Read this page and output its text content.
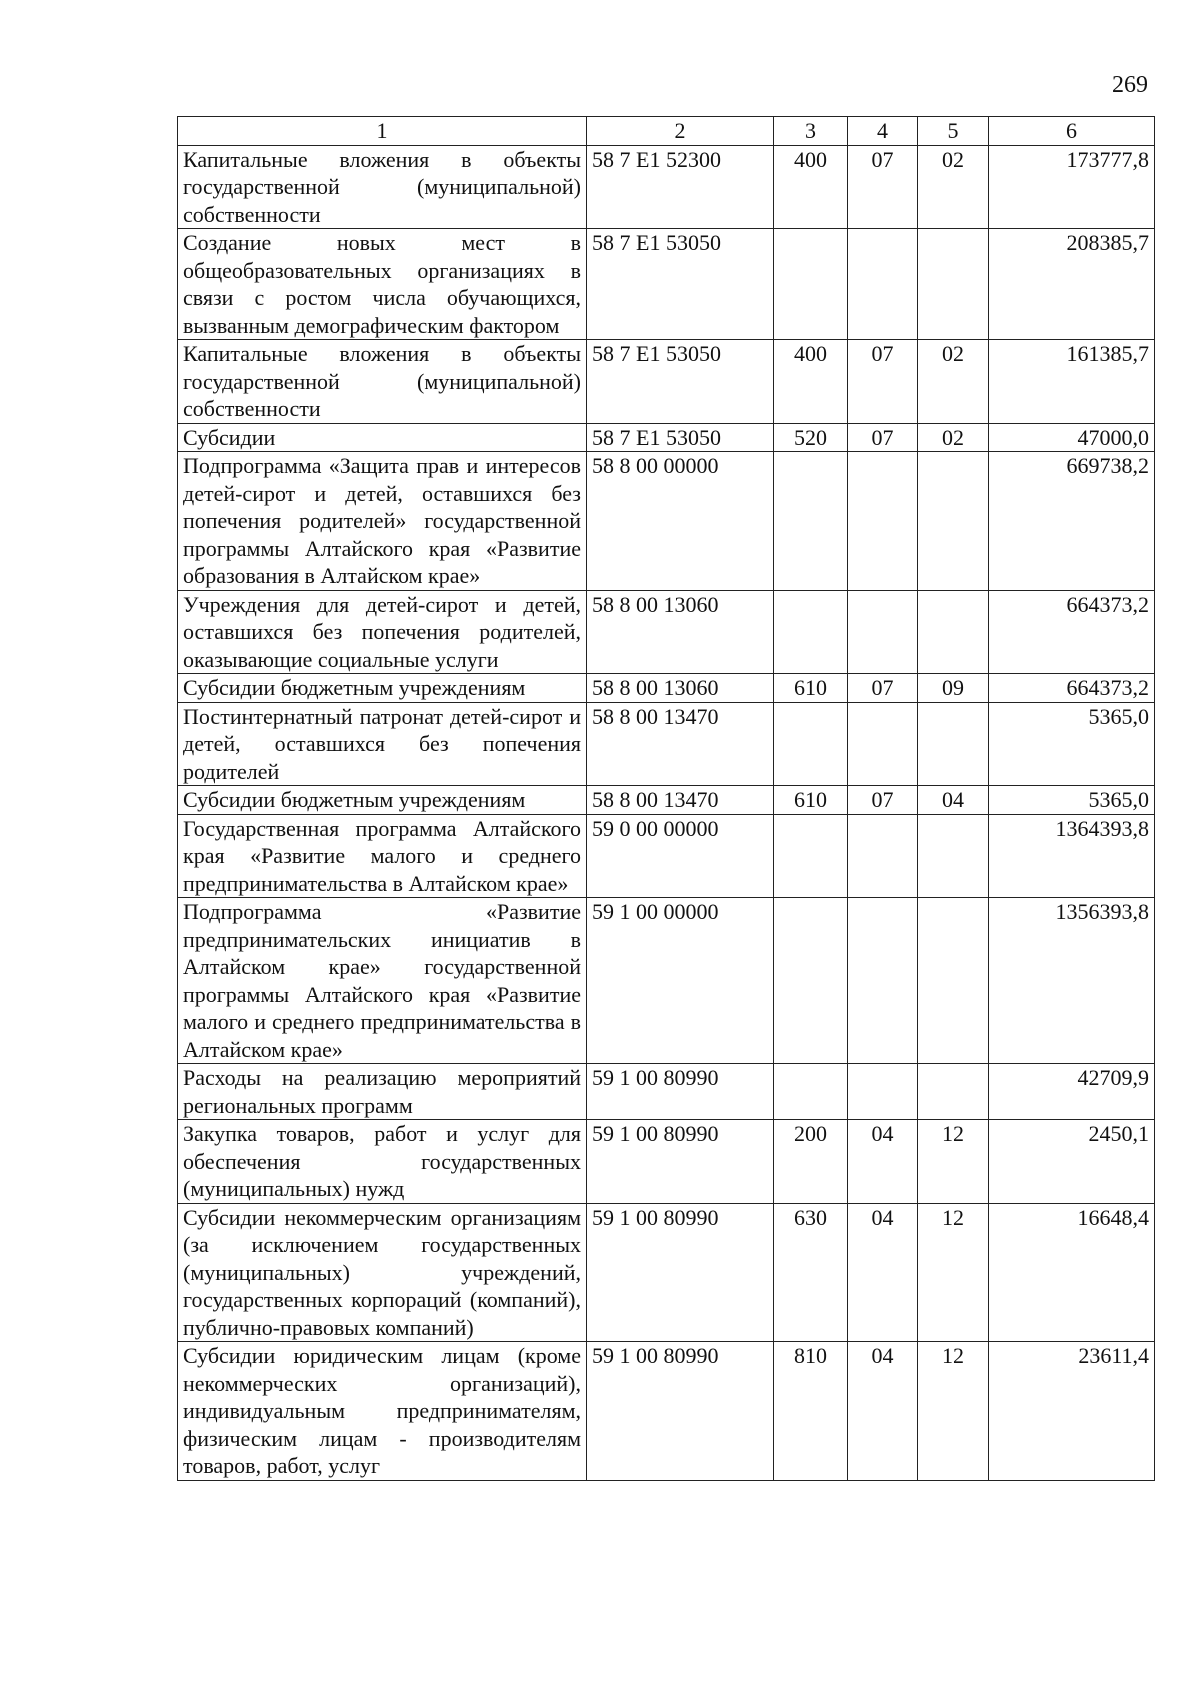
269
1	2	3	4	5	6
Капитальные вложения в объекты государственной (муниципальной) собственности	58 7 E1 52300	400	07	02	173777,8
Создание новых мест в общеобразовательных организациях в связи с ростом числа обучающихся, вызванным демографическим фактором	58 7 E1 53050				208385,7
Капитальные вложения в объекты государственной (муниципальной) собственности	58 7 E1 53050	400	07	02	161385,7
Субсидии	58 7 E1 53050	520	07	02	47000,0
Подпрограмма «Защита прав и интересов детей-сирот и детей, оставшихся без попечения родителей» государственной программы Алтайского края «Развитие образования в Алтайском крае»	58 8 00 00000				669738,2
Учреждения для детей-сирот и детей, оставшихся без попечения родителей, оказывающие социальные услуги	58 8 00 13060				664373,2
Субсидии бюджетным учреждениям	58 8 00 13060	610	07	09	664373,2
Постинтернатный патронат детей-сирот и детей, оставшихся без попечения родителей	58 8 00 13470				5365,0
Субсидии бюджетным учреждениям	58 8 00 13470	610	07	04	5365,0
Государственная программа Алтайского края «Развитие малого и среднего предпринимательства в Алтайском крае»	59 0 00 00000				1364393,8
Подпрограмма «Развитие предпринимательских инициатив в Алтайском крае» государственной программы Алтайского края «Развитие малого и среднего предпринимательства в Алтайском крае»	59 1 00 00000				1356393,8
Расходы на реализацию мероприятий региональных программ	59 1 00 80990				42709,9
Закупка товаров, работ и услуг для обеспечения государственных (муниципальных) нужд	59 1 00 80990	200	04	12	2450,1
Субсидии некоммерческим организациям (за исключением государственных (муниципальных) учреждений, государственных корпораций (компаний), публично-правовых компаний)	59 1 00 80990	630	04	12	16648,4
Субсидии юридическим лицам (кроме некоммерческих организаций), индивидуальным предпринимателям, физическим лицам - производителям товаров, работ, услуг	59 1 00 80990	810	04	12	23611,4
